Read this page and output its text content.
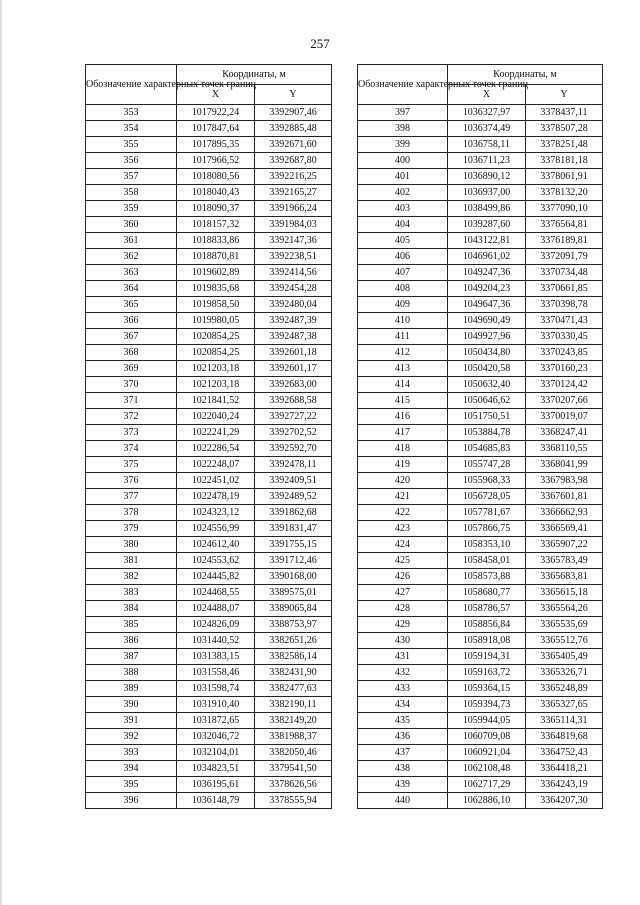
257
Обозначение характерных точек границ	Координаты, м	
	X	Y
353	1017922,24	3392907,46
354	1017847,64	3392885,48
355	1017895,35	3392671,60
356	1017966,52	3392687,80
357	1018080,56	3392216,25
358	1018040,43	3392165,27
359	1018090,37	3391966,24
360	1018157,32	3391984,03
361	1018833,86	3392147,36
362	1018870,81	3392238,51
363	1019602,89	3392414,56
364	1019835,68	3392454,28
365	1019858,50	3392480,04
366	1019980,05	3392487,39
367	1020854,25	3392487,38
368	1020854,25	3392601,18
369	1021203,18	3392601,17
370	1021203,18	3392683,00
371	1021841,52	3392688,58
372	1022040,24	3392727,22
373	1022241,29	3392702,52
374	1022286,54	3392592,70
375	1022248,07	3392478,11
376	1022451,02	3392409,51
377	1022478,19	3392489,52
378	1024323,12	3391862,68
379	1024556,99	3391831,47
380	1024612,40	3391755,15
381	1024553,62	3391712,46
382	1024445,82	3390168,00
383	1024468,55	3389575,01
384	1024488,07	3389065,84
385	1024826,09	3388753,97
386	1031440,52	3382651,26
387	1031383,15	3382586,14
388	1031558,46	3382431,90
389	1031598,74	3382477,63
390	1031910,40	3382190,11
391	1031872,65	3382149,20
392	1032046,72	3381988,37
393	1032104,01	3382050,46
394	1034823,51	3379541,50
395	1036195,61	3378626,56
396	1036148,79	3378555,94
Обозначение характерных точек границ	Координаты, м	
	X	Y
397	1036327,97	3378437,11
398	1036374,49	3378507,28
399	1036758,11	3378251,48
400	1036711,23	3378181,18
401	1036890,12	3378061,91
402	1036937,00	3378132,20
403	1038499,86	3377090,10
404	1039287,60	3376564,81
405	1043122,81	3376189,81
406	1046961,02	3372091,79
407	1049247,36	3370734,48
408	1049204,23	3370661,85
409	1049647,36	3370398,78
410	1049690,49	3370471,43
411	1049927,96	3370330,45
412	1050434,80	3370243,85
413	1050420,58	3370160,23
414	1050632,40	3370124,42
415	1050646,62	3370207,66
416	1051750,51	3370019,07
417	1053884,78	3368247,41
418	1054685,83	3368110,55
419	1055747,28	3368041,99
420	1055968,33	3367983,98
421	1056728,05	3367601,81
422	1057781,67	3366662,93
423	1057866,75	3366569,41
424	1058353,10	3365907,22
425	1058458,01	3365783,49
426	1058573,88	3365683,81
427	1058680,77	3365615,18
428	1058786,57	3365564,26
429	1058856,84	3365535,69
430	1058918,08	3365512,76
431	1059194,31	3365405,49
432	1059163,72	3365326,71
433	1059364,15	3365248,89
434	1059394,73	3365327,65
435	1059944,05	3365114,31
436	1060709,08	3364819,68
437	1060921,04	3364752,43
438	1062108,48	3364418,21
439	1062717,29	3364243,19
440	1062886,10	3364207,30
